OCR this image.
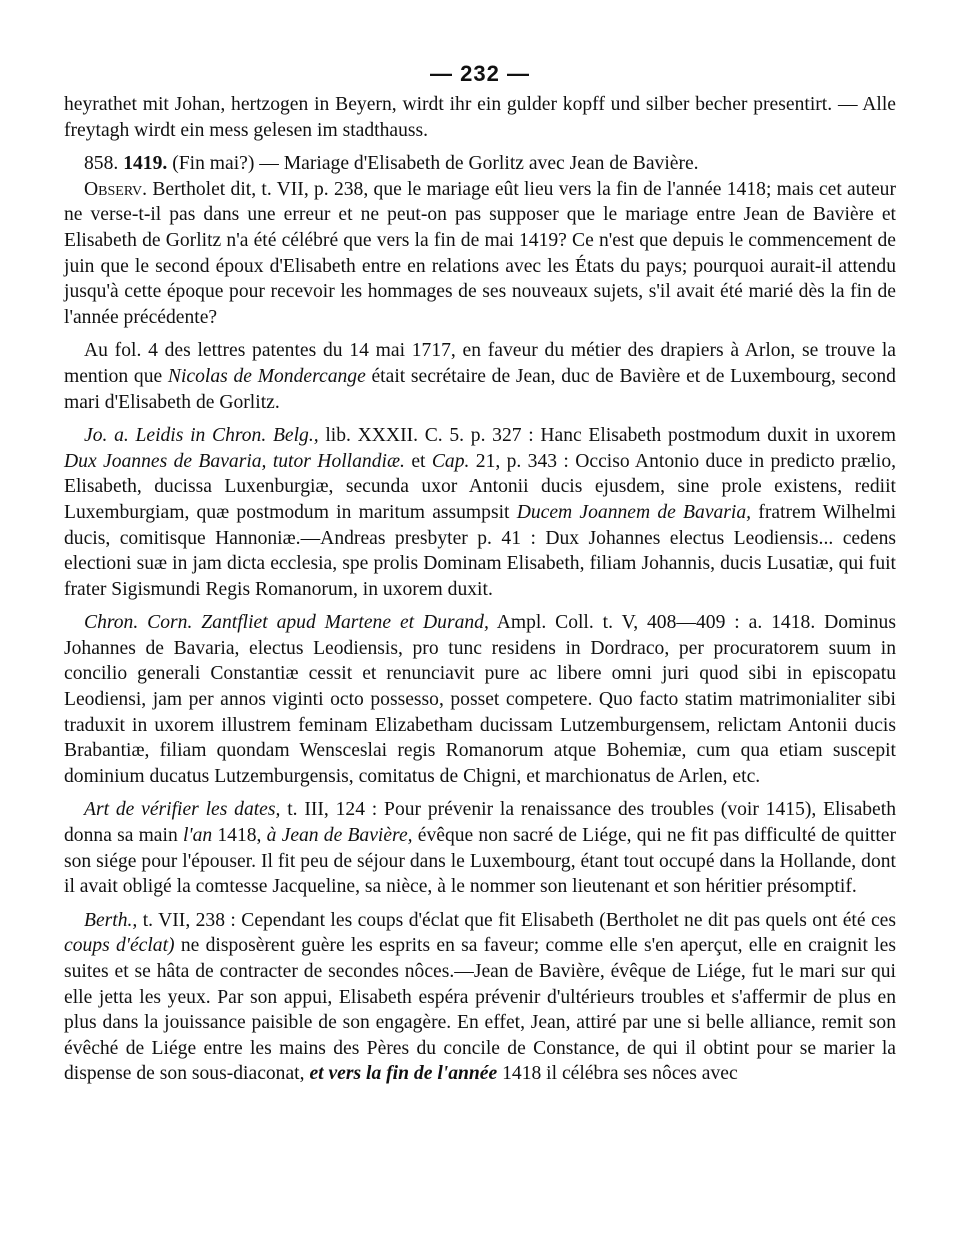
— 232 —

heyrathet mit Johan, hertzogen in Beyern, wirdt ihr ein gulder kopff und silber becher presentirt. — Alle freytagh wirdt ein mess gelesen im stadthauss.

858. 1419. (Fin mai?) — Mariage d'Elisabeth de Gorlitz avec Jean de Bavière.

Observ. Bertholet dit, t. VII, p. 238, que le mariage eût lieu vers la fin de l'année 1418; mais cet auteur ne verse-t-il pas dans une erreur et ne peut-on pas supposer que le mariage entre Jean de Bavière et Elisabeth de Gorlitz n'a été célébré que vers la fin de mai 1419? Ce n'est que depuis le commencement de juin que le second époux d'Elisabeth entre en relations avec les États du pays; pourquoi aurait-il attendu jusqu'à cette époque pour recevoir les hommages de ses nouveaux sujets, s'il avait été marié dès la fin de l'année précédente?

Au fol. 4 des lettres patentes du 14 mai 1717, en faveur du métier des drapiers à Arlon, se trouve la mention que Nicolas de Mondercange était secrétaire de Jean, duc de Bavière et de Luxembourg, second mari d'Elisabeth de Gorlitz.

Jo. a. Leidis in Chron. Belg., lib. XXXII. C. 5. p. 327 : Hanc Elisabeth postmodum duxit in uxorem Dux Joannes de Bavaria, tutor Hollandiæ. et Cap. 21, p. 343 : Occiso Antonio duce in predicto prælio, Elisabeth, ducissa Luxenburgiæ, secunda uxor Antonii ducis ejusdem, sine prole existens, rediit Luxemburgiam, quæ postmodum in maritum assumpsit Ducem Joannem de Bavaria, fratrem Wilhelmi ducis, comitisque Hannoniæ.—Andreas presbyter p. 41 : Dux Johannes electus Leodiensis... cedens electioni suæ in jam dicta ecclesia, spe prolis Dominam Elisabeth, filiam Johannis, ducis Lusatiæ, qui fuit frater Sigismundi Regis Romanorum, in uxorem duxit.

Chron. Corn. Zantfliet apud Martene et Durand, Ampl. Coll. t. V, 408—409 : a. 1418. Dominus Johannes de Bavaria, electus Leodiensis, pro tunc residens in Dordraco, per procuratorem suum in concilio generali Constantiæ cessit et renunciavit pure ac libere omni juri quod sibi in episcopatu Leodiensi, jam per annos viginti octo possesso, posset competere. Quo facto statim matrimonialiter sibi traduxit in uxorem illustrem feminam Elizabetham ducissam Lutzemburgensem, relictam Antonii ducis Brabantiæ, filiam quondam Wensceslai regis Romanorum atque Bohemiæ, cum qua etiam suscepit dominium ducatus Lutzemburgensis, comitatus de Chigni, et marchionatus de Arlen, etc.

Art de vérifier les dates, t. III, 124 : Pour prévenir la renaissance des troubles (voir 1415), Elisabeth donna sa main l'an 1418, à Jean de Bavière, évêque non sacré de Liége, qui ne fit pas difficulté de quitter son siége pour l'épouser. Il fit peu de séjour dans le Luxembourg, étant tout occupé dans la Hollande, dont il avait obligé la comtesse Jacqueline, sa nièce, à le nommer son lieutenant et son héritier présomptif.

Berth., t. VII, 238 : Cependant les coups d'éclat que fit Elisabeth (Bertholet ne dit pas quels ont été ces coups d'éclat) ne disposèrent guère les esprits en sa faveur; comme elle s'en aperçut, elle en craignit les suites et se hâta de contracter de secondes nôces.—Jean de Bavière, évêque de Liége, fut le mari sur qui elle jetta les yeux. Par son appui, Elisabeth espéra prévenir d'ultérieurs troubles et s'affermir de plus en plus dans la jouissance paisible de son engagère. En effet, Jean, attiré par une si belle alliance, remit son évêché de Liége entre les mains des Pères du concile de Constance, de qui il obtint pour se marier la dispense de son sous-diaconat, et vers la fin de l'année 1418 il célébra ses nôces avec
